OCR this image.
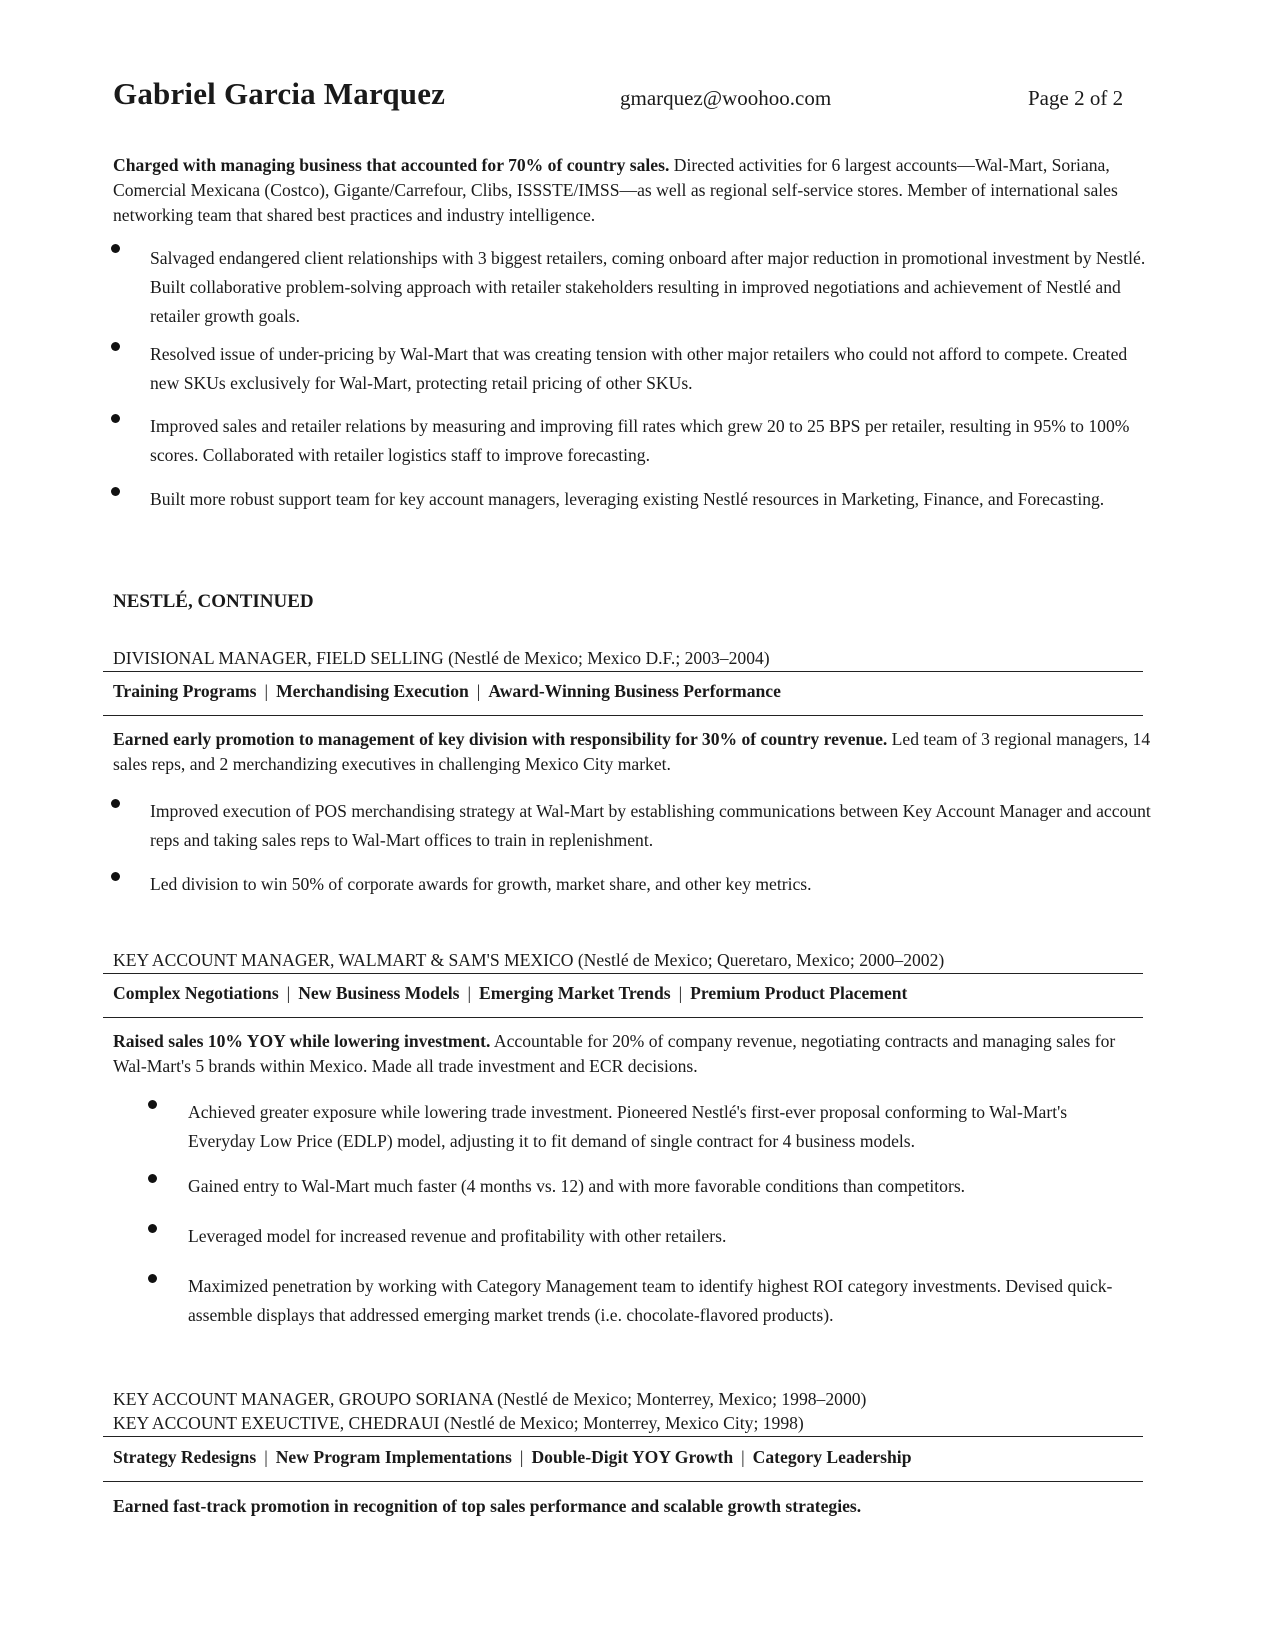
Gabriel Garcia Marquez	gmarquez@woohoo.com	Page 2 of 2
Charged with managing business that accounted for 70% of country sales. Directed activities for 6 largest accounts—Wal-Mart, Soriana, Comercial Mexicana (Costco), Gigante/Carrefour, Clibs, ISSSTE/IMSS—as well as regional self-service stores. Member of international sales networking team that shared best practices and industry intelligence.
Salvaged endangered client relationships with 3 biggest retailers, coming onboard after major reduction in promotional investment by Nestlé. Built collaborative problem-solving approach with retailer stakeholders resulting in improved negotiations and achievement of Nestlé and retailer growth goals.
Resolved issue of under-pricing by Wal-Mart that was creating tension with other major retailers who could not afford to compete. Created new SKUs exclusively for Wal-Mart, protecting retail pricing of other SKUs.
Improved sales and retailer relations by measuring and improving fill rates which grew 20 to 25 BPS per retailer, resulting in 95% to 100% scores. Collaborated with retailer logistics staff to improve forecasting.
Built more robust support team for key account managers, leveraging existing Nestlé resources in Marketing, Finance, and Forecasting.
NESTLÉ, CONTINUED
DIVISIONAL MANAGER, FIELD SELLING (Nestlé de Mexico; Mexico D.F.; 2003–2004)
Training Programs | Merchandising Execution | Award-Winning Business Performance
Earned early promotion to management of key division with responsibility for 30% of country revenue. Led team of 3 regional managers, 14 sales reps, and 2 merchandizing executives in challenging Mexico City market.
Improved execution of POS merchandising strategy at Wal-Mart by establishing communications between Key Account Manager and account reps and taking sales reps to Wal-Mart offices to train in replenishment.
Led division to win 50% of corporate awards for growth, market share, and other key metrics.
KEY ACCOUNT MANAGER, WALMART & SAM'S MEXICO (Nestlé de Mexico; Queretaro, Mexico; 2000–2002)
Complex Negotiations | New Business Models | Emerging Market Trends | Premium Product Placement
Raised sales 10% YOY while lowering investment. Accountable for 20% of company revenue, negotiating contracts and managing sales for Wal-Mart's 5 brands within Mexico. Made all trade investment and ECR decisions.
Achieved greater exposure while lowering trade investment. Pioneered Nestlé's first-ever proposal conforming to Wal-Mart's Everyday Low Price (EDLP) model, adjusting it to fit demand of single contract for 4 business models.
Gained entry to Wal-Mart much faster (4 months vs. 12) and with more favorable conditions than competitors.
Leveraged model for increased revenue and profitability with other retailers.
Maximized penetration by working with Category Management team to identify highest ROI category investments. Devised quick-assemble displays that addressed emerging market trends (i.e. chocolate-flavored products).
KEY ACCOUNT MANAGER, GROUPO SORIANA (Nestlé de Mexico; Monterrey, Mexico; 1998–2000)
KEY ACCOUNT EXEUCTIVE, CHEDRAUI (Nestlé de Mexico; Monterrey, Mexico City; 1998)
Strategy Redesigns | New Program Implementations | Double-Digit YOY Growth | Category Leadership
Earned fast-track promotion in recognition of top sales performance and scalable growth strategies.
